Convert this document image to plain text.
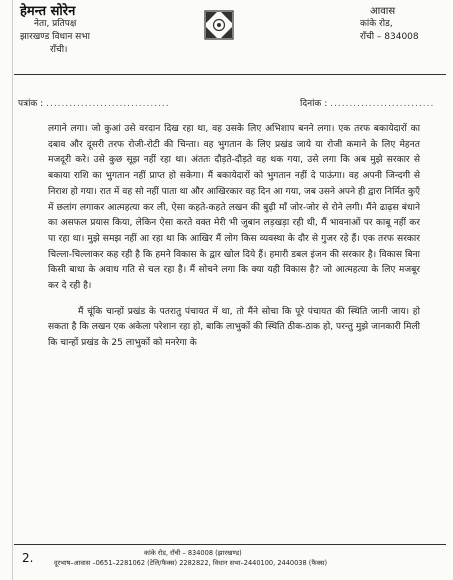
हेमन्त सोरेन
नेता, प्रतिपक्ष
झारखण्ड विधान सभा
राँची।
आवास
कांके रोड,
राँची – 834008
पत्रांक : ................................	दिनांक : ...........................

लगाने लगा। जो कुआं उसे वरदान दिख रहा था, वह उसके लिए अभिशाप बनने लगा। एक तरफ बकायेदारों का दबाव और दूसरी तरफ रोजी-रोटी की चिन्ता। वह भुगतान के लिए प्रखंड जाये या रोजी कमाने के लिए मेहनत मजदूरी करे। उसे कुछ सूझ नहीं रहा था। अंततः दौड़ते-दौड़ते वह थक गया, उसे लगा कि अब मुझे सरकार से बकाया राशि का भुगतान नहीं प्राप्त हो सकेगा। मैं बकायेदारों को भुगतान नहीं दे पाऊंगा। वह अपनी जिन्दगी से निराश हो गया। रात में वह सो नहीं पाता था और आखिरकार वह दिन आ गया, जब उसने अपने ही द्वारा निर्मित कुएँ में छलांग लगाकर आत्महत्या कर ली, ऐसा कहते-कहते लखन की बुढ़ी माँ जोर-जोर से रोने लगी। मैंने ढाढ़स बंधाने का असफल प्रयास किया, लेकिन ऐसा करते वक्त मेरी भी जुबान लड़खड़ा रही थी, मैं भावनाओं पर काबू नहीं कर पा रहा था। मुझे समझ नहीं आ रहा था कि आखिर मैं लोग किस व्यवस्था के दौर से गुजर रहे हैं। एक तरफ सरकार चिल्ला-चिल्लाकर कह रही है कि हमने विकास के द्वार खोल दिये हैं। हमारी डबल इंजन की सरकार है। विकास बिना किसी बाधा के अवाध गति से चल रहा है। मैं सोचने लगा कि क्या यही विकास है? जो आत्महत्या के लिए मजबूर कर दे रही है।

मैं चूंकि चान्हों प्रखंड के पतरातु पंचायत में था, तो मैंने सोचा कि पूरे पंचायत की स्थिति जानी जाय। हो सकता है कि लखन एक अकेला परेशान रहा हो, बाकि लाभुकों की स्थिति ठीक-ठाक हो, परन्तु मुझे जानकारी मिली कि चान्हों प्रखंड के 25 लाभुकों को मनरेगा के

2.	कांके रोड, राँची – 834008 (झारखण्ड)
दूरभाष–आवास –0651–2281062 (टेलि/फैक्स) 2282822, विधान सभा–2440100, 2440038 (फैक्स)
